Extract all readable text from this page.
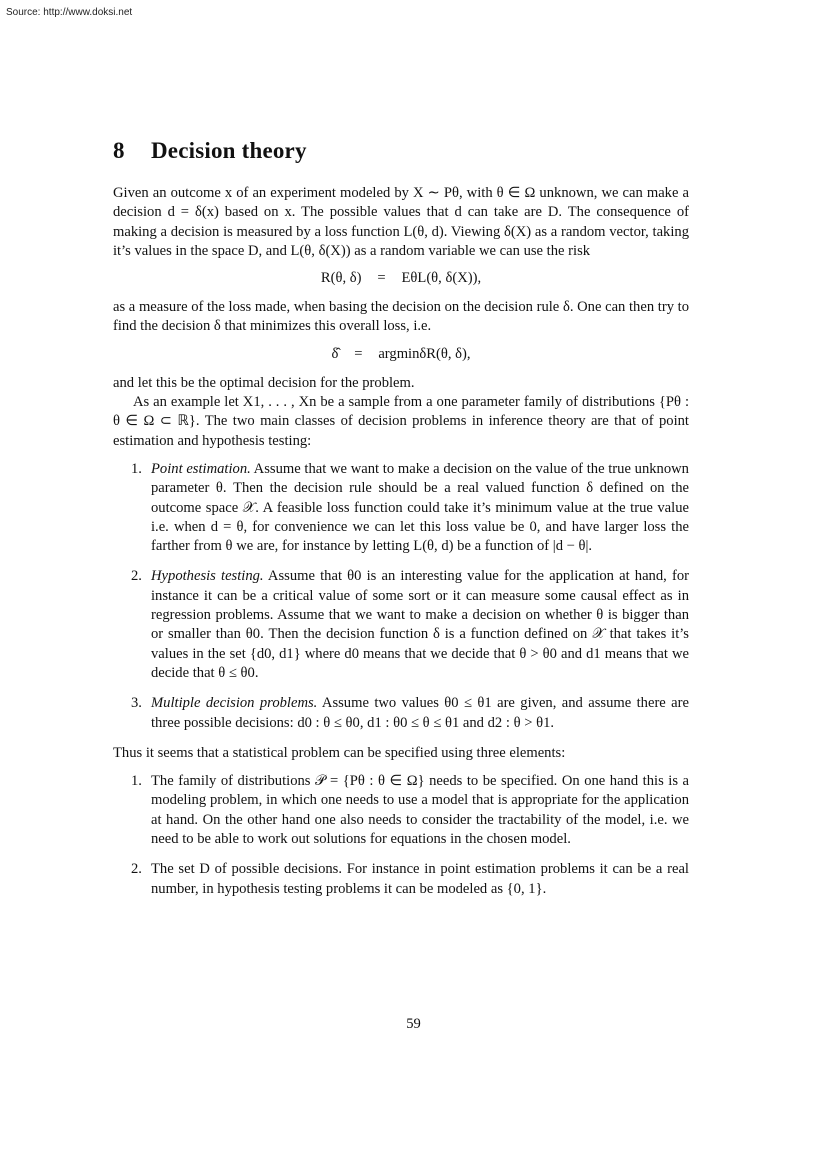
Source: http://www.doksi.net
8 Decision theory

Given an outcome x of an experiment modeled by X ∼ Pθ, with θ ∈ Ω unknown, we can make a decision d = δ(x) based on x. The possible values that d can take are D. The consequence of making a decision is measured by a loss function L(θ, d). Viewing δ(X) as a random vector, taking it’s values in the space D, and L(θ, δ(X)) as a random variable we can use the risk

R(θ, δ) = EθL(θ, δ(X)),

as a measure of the loss made, when basing the decision on the decision rule δ. One can then try to find the decision δ that minimizes this overall loss, i.e.

δ̂ = argminδR(θ, δ),

and let this be the optimal decision for the problem.

As an example let X1, . . . , Xn be a sample from a one parameter family of distributions {Pθ : θ ∈ Ω ⊂ ℝ}. The two main classes of decision problems in inference theory are that of point estimation and hypothesis testing:

1. Point estimation. Assume that we want to make a decision on the value of the true unknown parameter θ. Then the decision rule should be a real valued function δ defined on the outcome space 𝒳. A feasible loss function could take it’s minimum value at the true value i.e. when d = θ, for convenience we can let this loss value be 0, and have larger loss the farther from θ we are, for instance by letting L(θ, d) be a function of |d − θ|.

2. Hypothesis testing. Assume that θ0 is an interesting value for the application at hand, for instance it can be a critical value of some sort or it can measure some causal effect as in regression problems. Assume that we want to make a decision on whether θ is bigger than or smaller than θ0. Then the decision function δ is a function defined on 𝒳 that takes it’s values in the set {d0, d1} where d0 means that we decide that θ > θ0 and d1 means that we decide that θ ≤ θ0.

3. Multiple decision problems. Assume two values θ0 ≤ θ1 are given, and assume there are three possible decisions: d0 : θ ≤ θ0, d1 : θ0 ≤ θ ≤ θ1 and d2 : θ > θ1.

Thus it seems that a statistical problem can be specified using three elements:

1. The family of distributions 𝒫 = {Pθ : θ ∈ Ω} needs to be specified. On one hand this is a modeling problem, in which one needs to use a model that is appropriate for the application at hand. On the other hand one also needs to consider the tractability of the model, i.e. we need to be able to work out solutions for equations in the chosen model.

2. The set D of possible decisions. For instance in point estimation problems it can be a real number, in hypothesis testing problems it can be modeled as {0, 1}.

59
